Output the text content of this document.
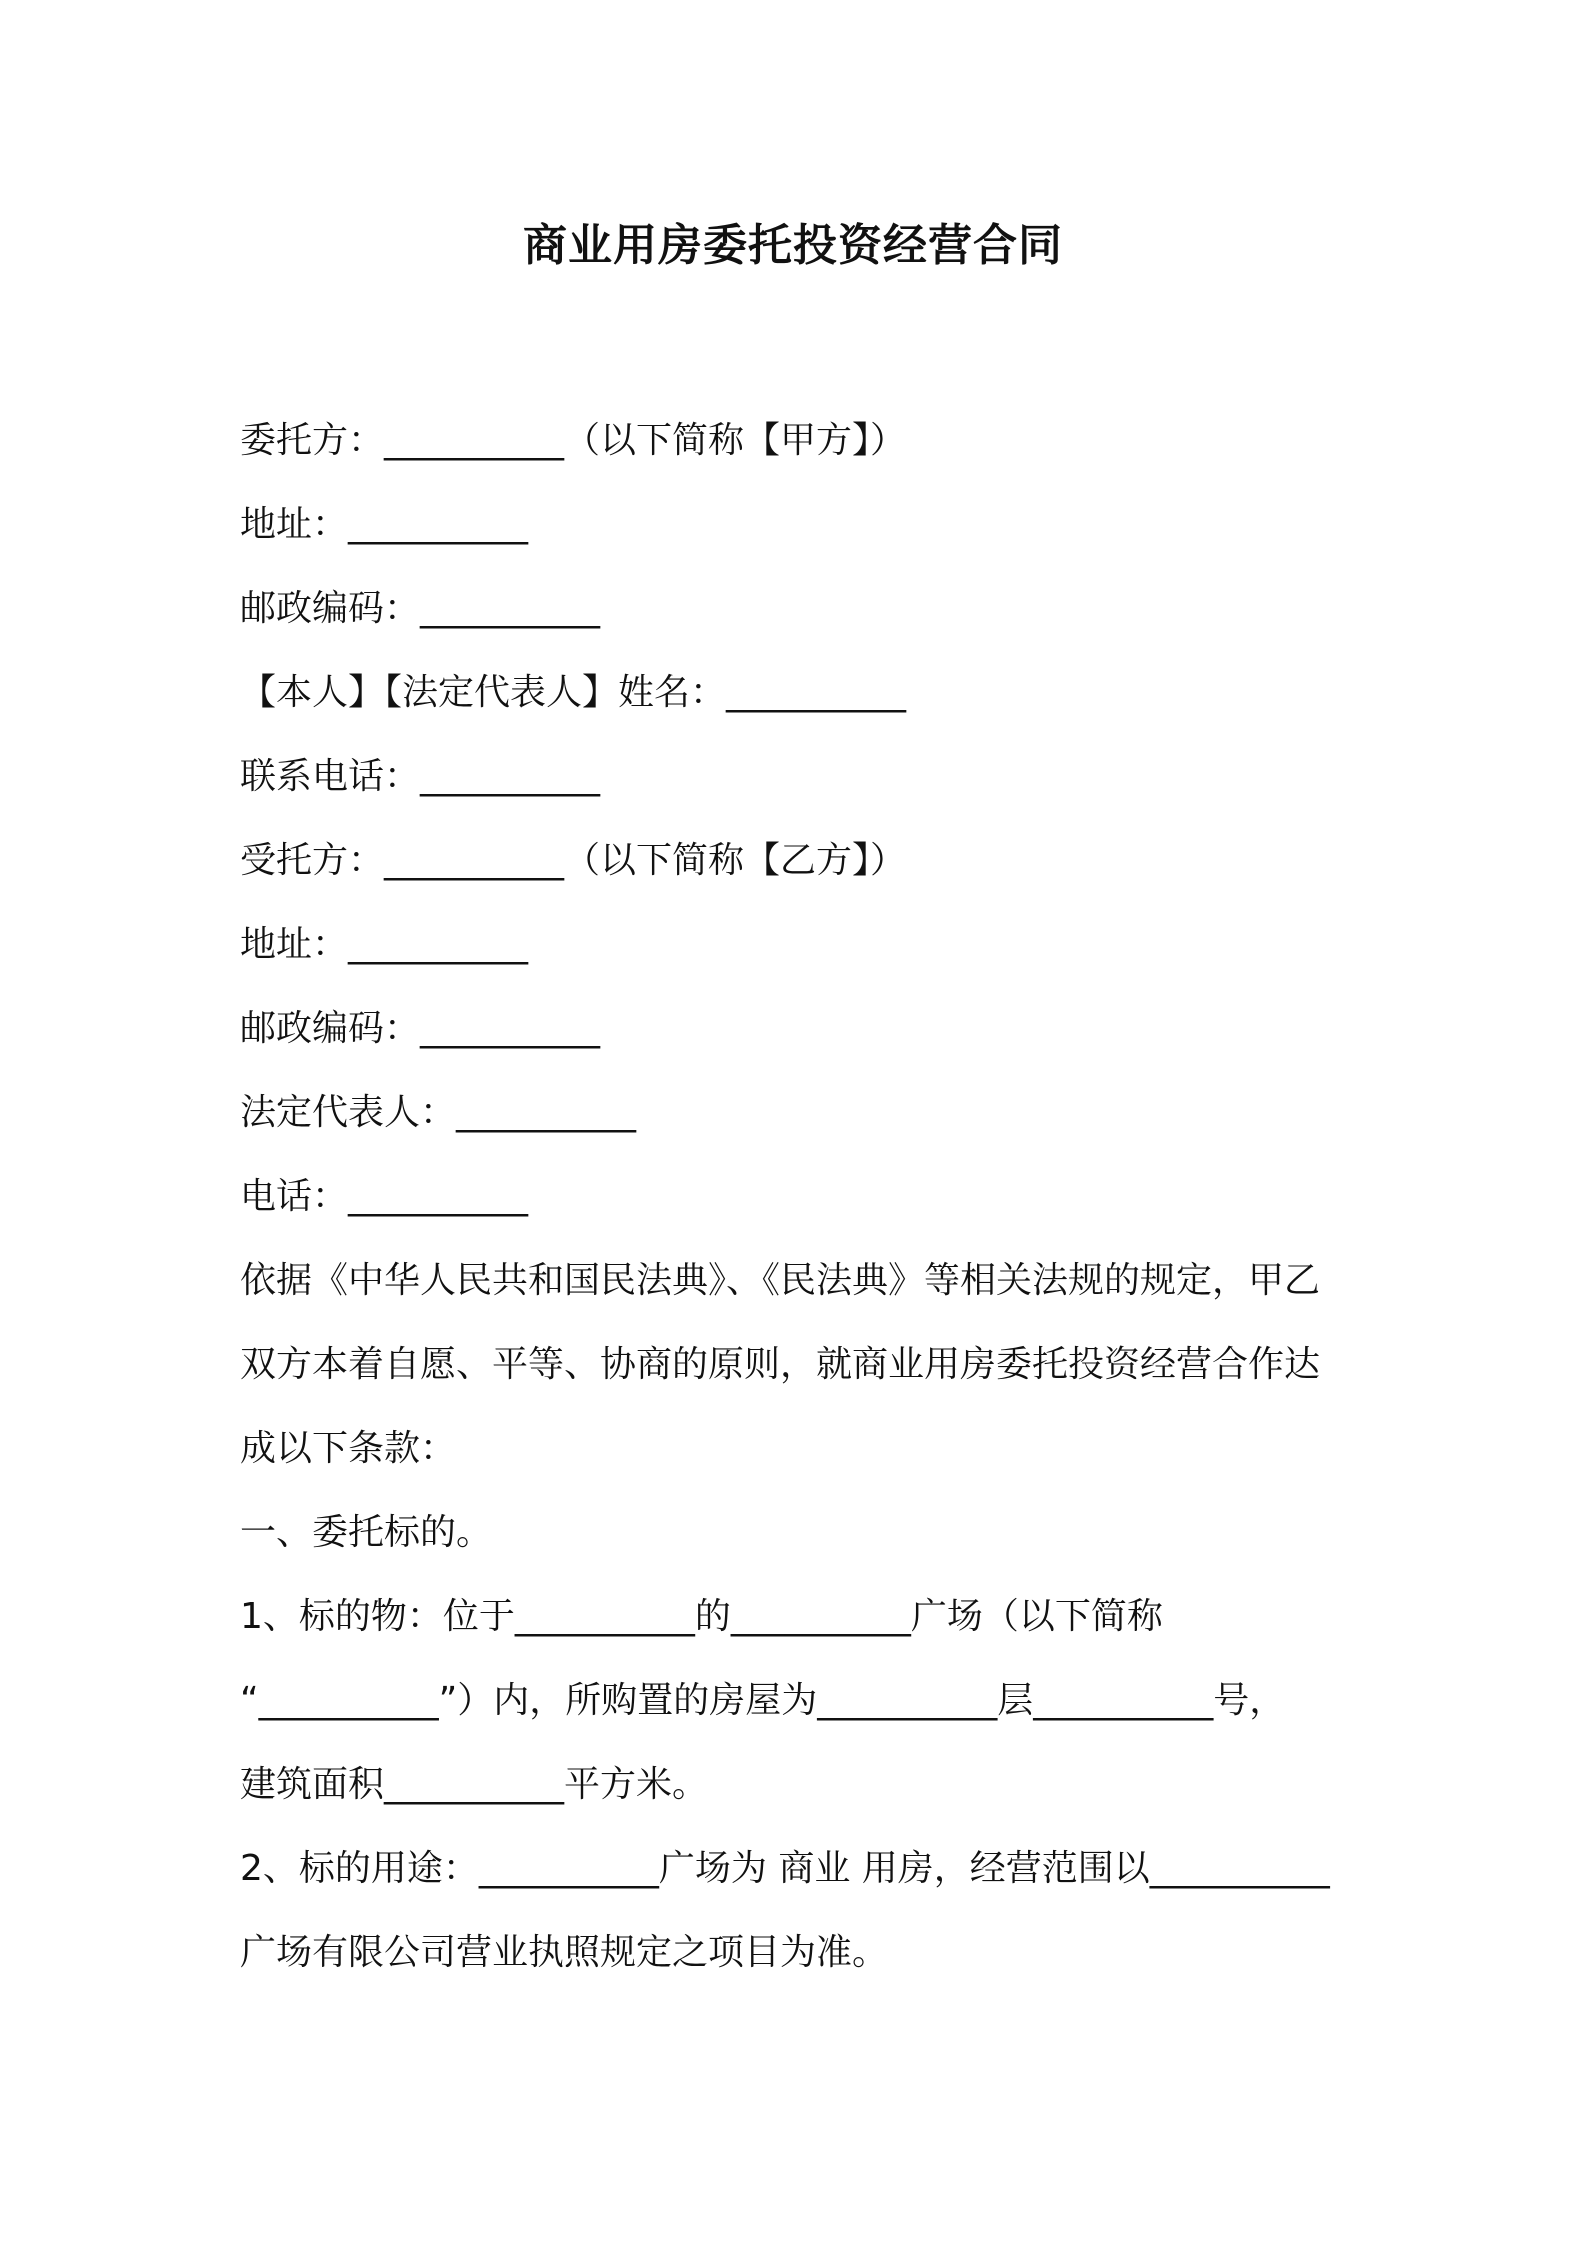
商业用房委托投资经营合同

委托方：__________（以下简称【甲方】）

地址：__________

邮政编码：__________

【本人】【法定代表人】姓名：__________

联系电话：__________

受托方：__________（以下简称【乙方】）

地址：__________

邮政编码：__________

法定代表人：__________

电话：__________

依据《中华人民共和国民法典》、《民法典》等相关法规的规定，甲乙

双方本着自愿、平等、协商的原则，就商业用房委托投资经营合作达

成以下条款：

一、委托标的。

1、标的物：位于__________的__________广场（以下简称

“__________”）内，所购置的房屋为__________层__________号，

建筑面积__________平方米。

2、标的用途：__________广场为 商业 用房，经营范围以__________

广场有限公司营业执照规定之项目为准。
